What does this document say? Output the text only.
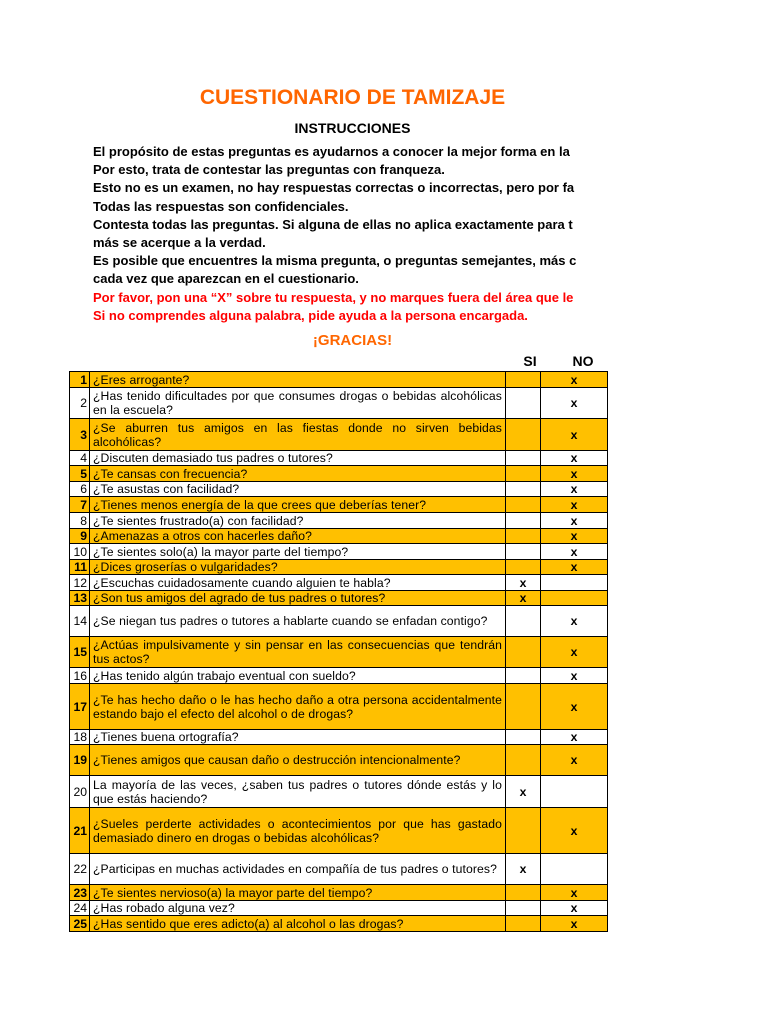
CUESTIONARIO DE TAMIZAJE
INSTRUCCIONES
El propósito de estas preguntas es ayudarnos a conocer la mejor forma en la
Por esto, trata de contestar las preguntas con franqueza.
Esto no es un examen, no hay respuestas correctas o incorrectas, pero por fa
Todas las respuestas son confidenciales.
Contesta todas las preguntas. Si alguna de ellas no aplica exactamente para t
más se acerque a la verdad.
Es posible que encuentres la misma pregunta, o preguntas semejantes, más c
cada vez que aparezcan en el cuestionario.
Por favor, pon una “X” sobre tu respuesta, y no marques fuera del área que le
Si no comprendes alguna palabra, pide ayuda a la persona encargada.
¡GRACIAS!
SI	NO
1	¿Eres arrogante?		x
2	¿Has tenido dificultades por que consumes drogas o bebidas alcohólicas en la escuela?		x
3	¿Se aburren tus amigos en las fiestas donde no sirven bebidas alcohólicas?		x
4	¿Discuten demasiado tus padres o tutores?		x
5	¿Te cansas con frecuencia?		x
6	¿Te asustas con facilidad?		x
7	¿Tienes menos energía de la que crees que deberías tener?		x
8	¿Te sientes frustrado(a) con facilidad?		x
9	¿Amenazas a otros con hacerles daño?		x
10	¿Te sientes solo(a) la mayor parte del tiempo?		x
11	¿Dices groserías o vulgaridades?		x
12	¿Escuchas cuidadosamente cuando alguien te habla?	x	
13	¿Son tus amigos del agrado de tus padres o tutores?	x	
14	¿Se niegan tus padres o tutores a hablarte cuando se enfadan contigo?		x
15	¿Actúas impulsivamente y sin pensar en las consecuencias que tendrán tus actos?		x
16	¿Has tenido algún trabajo eventual con sueldo?		x
17	¿Te has hecho daño o le has hecho daño a otra persona accidentalmente estando bajo el efecto del alcohol o de drogas?		x
18	¿Tienes buena ortografía?		x
19	¿Tienes amigos que causan daño o destrucción intencionalmente?		x
20	La mayoría de las veces, ¿saben tus padres o tutores dónde estás y lo que estás haciendo?	x	
21	¿Sueles perderte actividades o acontecimientos por que has gastado demasiado dinero en drogas o bebidas alcohólicas?		x
22	¿Participas en muchas actividades en compañía de tus padres o tutores?	x	
23	¿Te sientes nervioso(a) la mayor parte del tiempo?		x
24	¿Has robado alguna vez?		x
25	¿Has sentido que eres adicto(a) al alcohol o las drogas?		x
